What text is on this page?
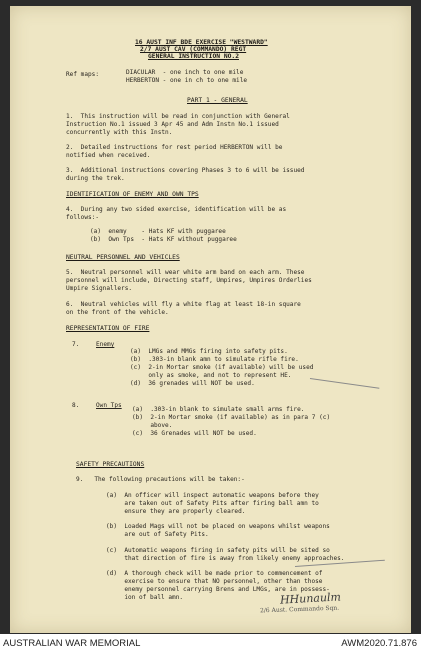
16 AUST INF BDE EXERCISE "WESTWARD"
2/7 AUST CAV (COMMANDO) REGT
GENERAL INSTRUCTION NO.2
Ref maps:	DIACULAR  - one inch to one mile
HERBERTON - one in ch to one mile
PART 1 - GENERAL
1.  This instruction will be read in conjunction with General
Instruction No.1 issued 3 Apr 45 and Adm Instn No.1 issued
concurrently with this Instn.
2.  Detailed instructions for rest period HERBERTON will be
notified when received.
3.  Additional instructions covering Phases 3 to 6 will be issued
during the trek.
IDENTIFICATION OF ENEMY AND OWN TPS
4.  During any two sided exercise, identification will be as
follows:-
(a)  enemy    - Hats KF with puggaree
(b)  Own Tps  - Hats KF without puggaree
NEUTRAL PERSONNEL AND VEHICLES
5.  Neutral personnel will wear white arm band on each arm. These
personnel will include, Directing staff, Umpires, Umpires Orderlies
Umpire Signallers.
6.  Neutral vehicles will fly a white flag at least 18-in square
on the front of the vehicle.
REPRESENTATION OF FIRE
7.	Enemy
(a)  LMGs and MMGs firing into safety pits.
(b)  .303-in blank amn to simulate rifle fire.
(c)  2-in Mortar smoke (if available) will be used
only as smoke, and not to represent HE.
(d)  36 grenades will NOT be used.
8.	Own Tps
(a)  .303-in blank to simulate small arms fire.
(b)  2-in Mortar smoke (if available) as in para 7 (c)
above.
(c)  36 Grenades will NOT be used.
SAFETY PRECAUTIONS
9.   The following precautions will be taken:-
(a)  An officer will inspect automatic weapons before they
are taken out of Safety Pits after firing ball amn to
ensure they are properly cleared.
(b)  Loaded Mags will not be placed on weapons whilst weapons
are out of Safety Pits.
(c)  Automatic weapons firing in safety pits will be sited so
that direction of fire is away from likely enemy approaches.
(d)  A thorough check will be made prior to commencement of
exercise to ensure that NO personnel, other than those
enemy personnel carrying Brens and LMGs, are in possess-
ion of ball amn.	HHunaulm
2/6 Aust. Commando Sqn.
AUSTRALIAN WAR MEMORIAL	AWM2020.71.876
